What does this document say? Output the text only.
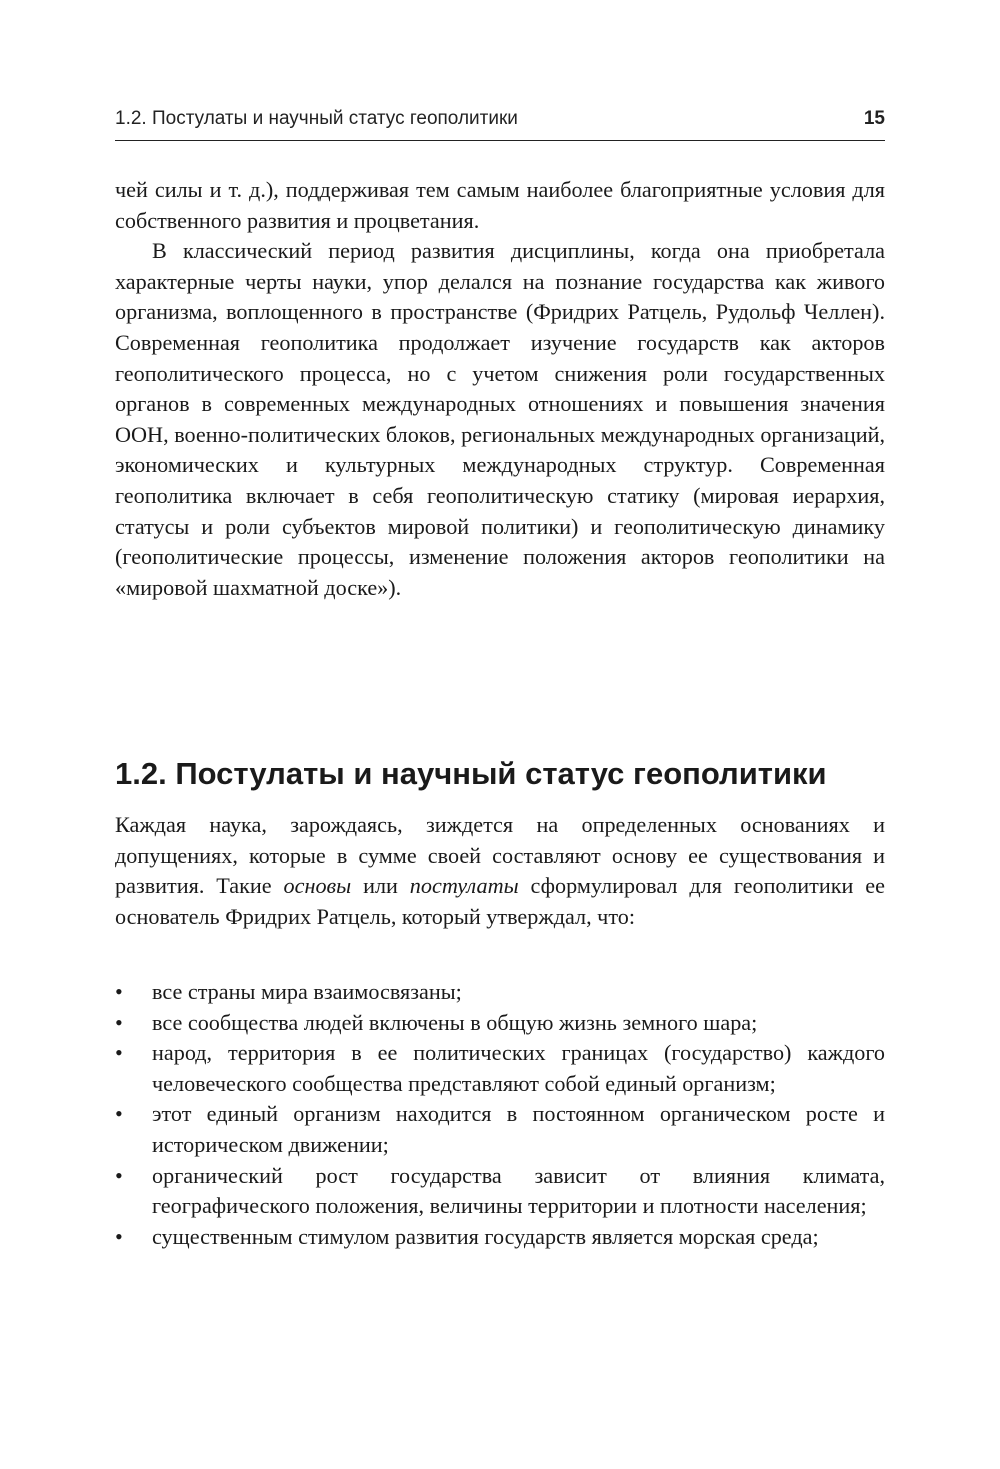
1.2. Постулаты и научный статус геополитики	15

чей силы и т. д.), поддерживая тем самым наиболее благоприятные условия для собственного развития и процветания.

В классический период развития дисциплины, когда она приобретала характерные черты науки, упор делался на познание государства как живого организма, воплощенного в пространстве (Фридрих Ратцель, Рудольф Челлен). Современная геополитика продолжает изучение государств как акторов геополитического процесса, но с учетом снижения роли государственных органов в современных международных отношениях и повышения значения ООН, военно-политических блоков, региональных международных организаций, экономических и культурных международных структур. Современная геополитика включает в себя геополитическую статику (мировая иерархия, статусы и роли субъектов мировой политики) и геополитическую динамику (геополитические процессы, изменение положения акторов геополитики на «мировой шахматной доске»).

1.2. Постулаты и научный статус геополитики

Каждая наука, зарождаясь, зиждется на определенных основаниях и допущениях, которые в сумме своей составляют основу ее существования и развития. Такие основы или постулаты сформулировал для геополитики ее основатель Фридрих Ратцель, который утверждал, что:

• все страны мира взаимосвязаны;
• все сообщества людей включены в общую жизнь земного шара;
• народ, территория в ее политических границах (государство) каждого человеческого сообщества представляют собой единый организм;
• этот единый организм находится в постоянном органическом росте и историческом движении;
• органический рост государства зависит от влияния климата, географического положения, величины территории и плотности населения;
• существенным стимулом развития государств является морская среда;
